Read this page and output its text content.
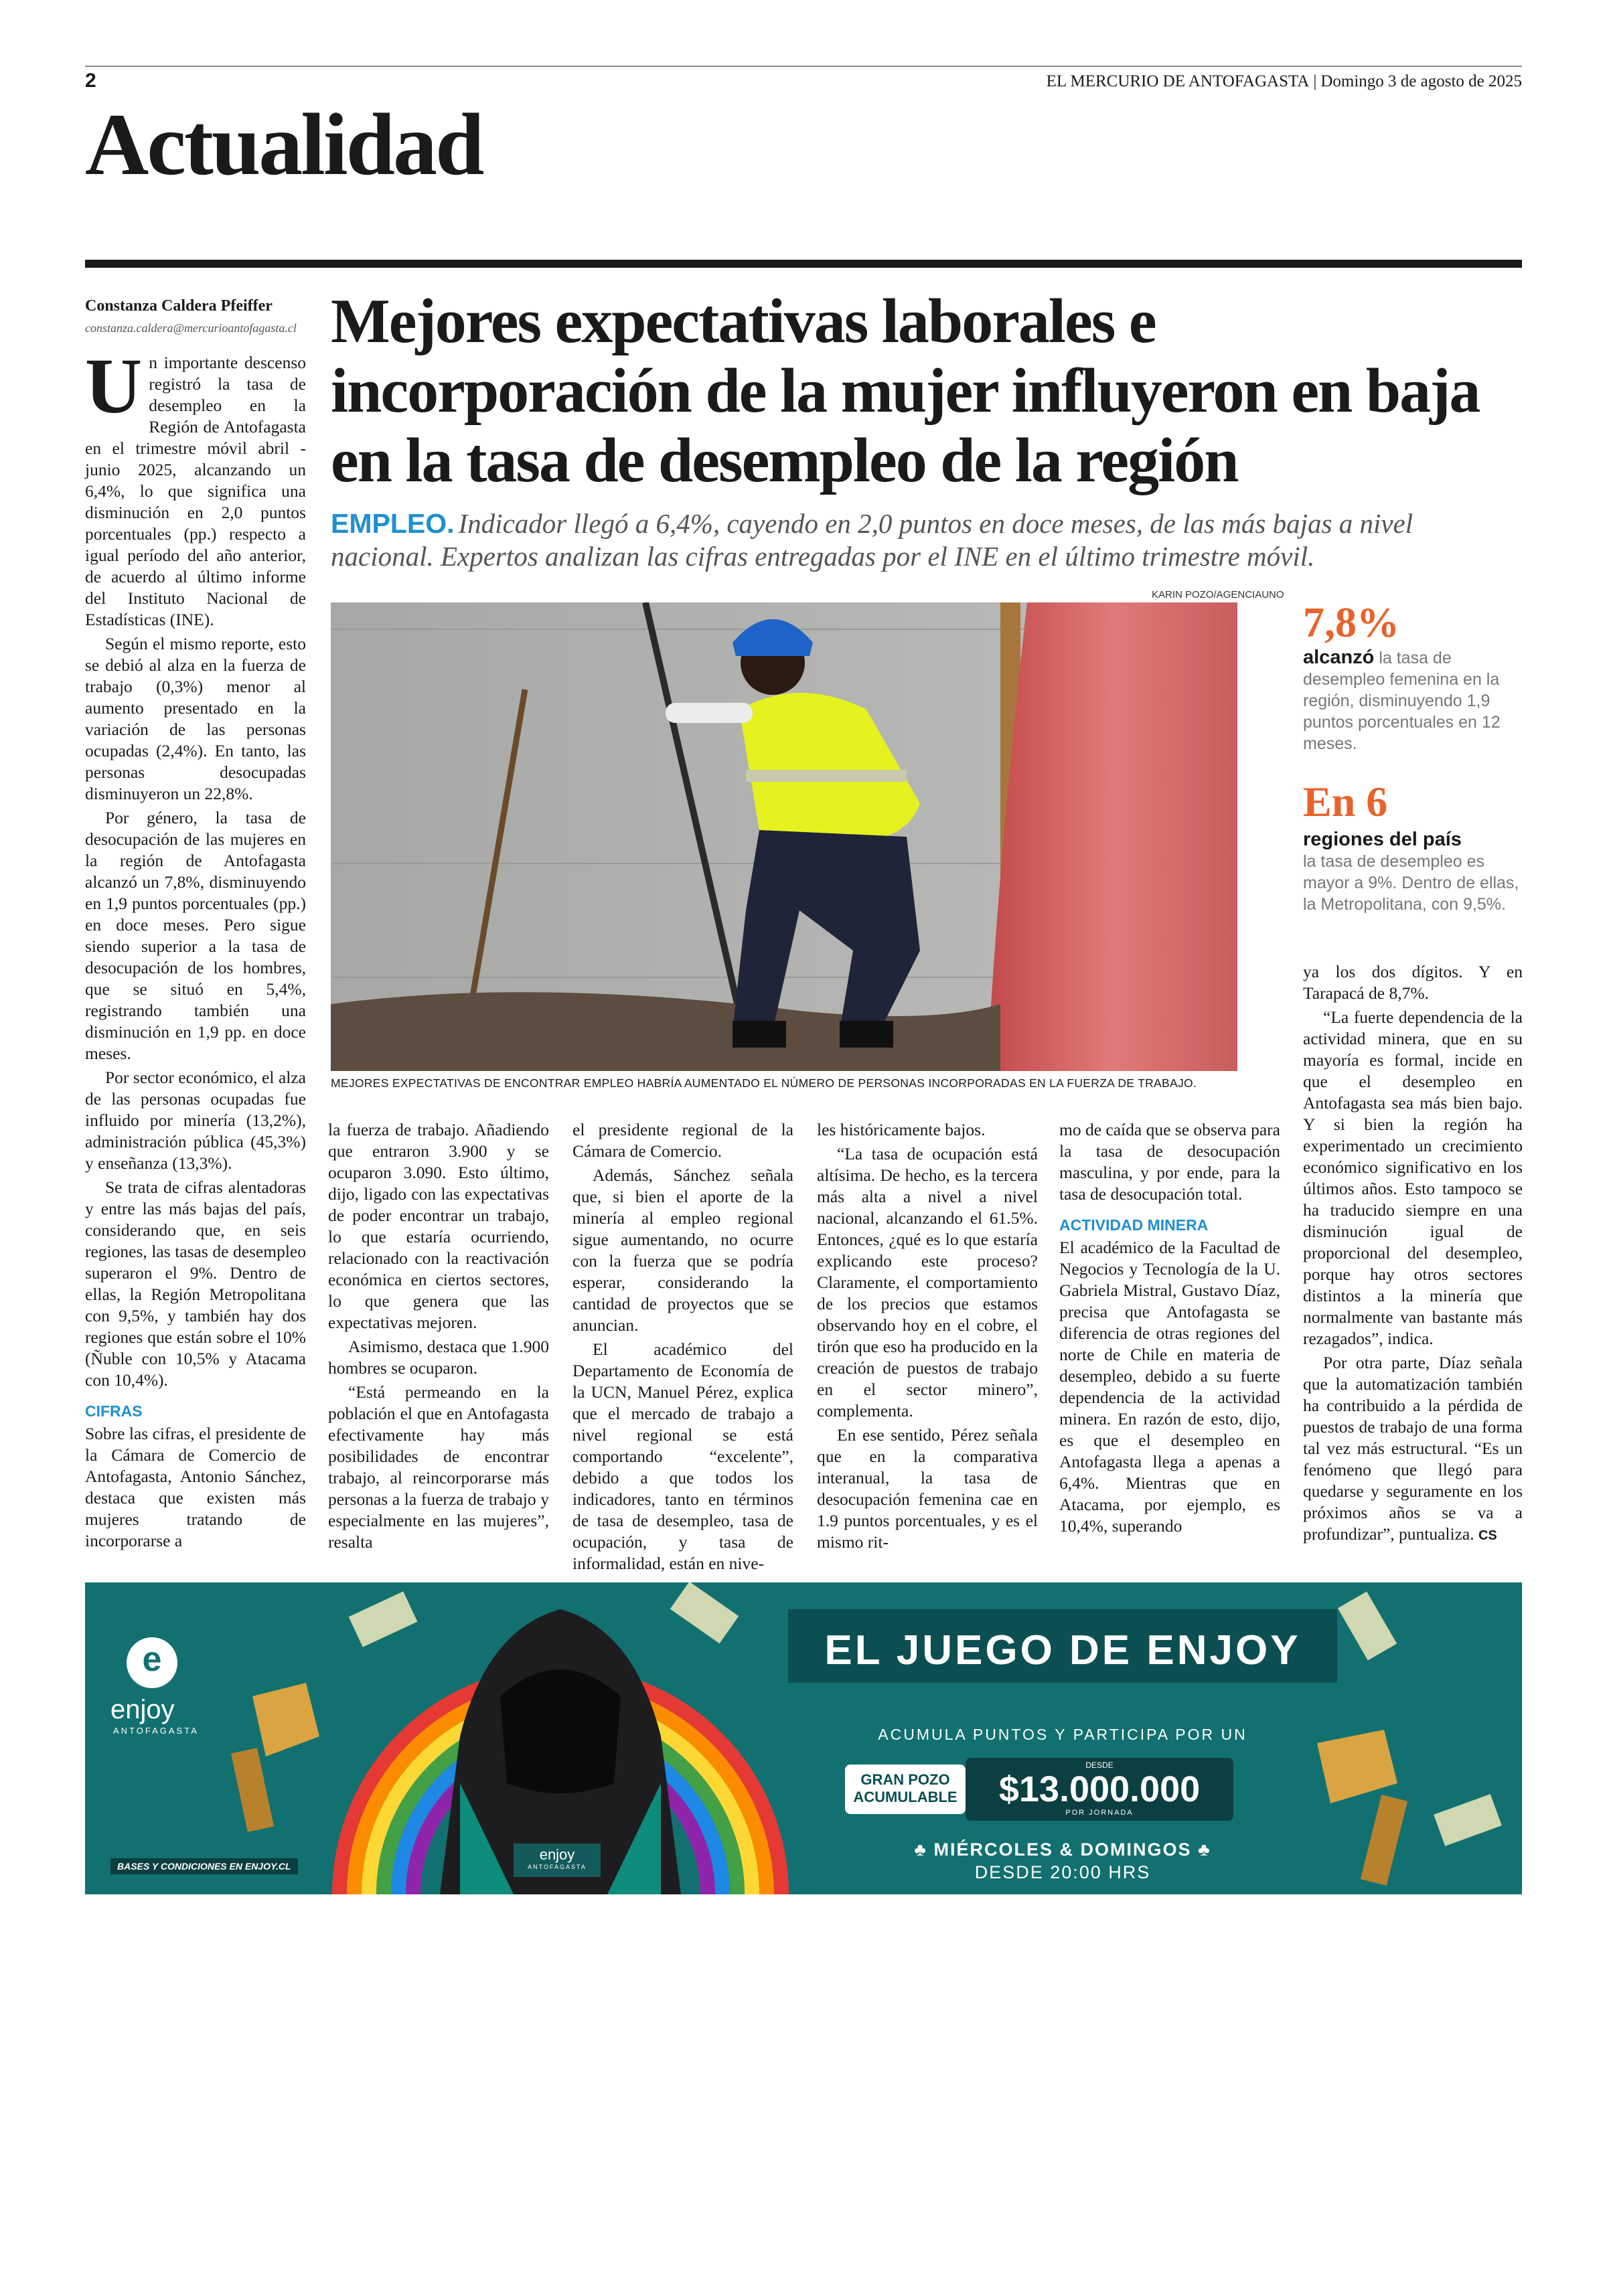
2	EL MERCURIO DE ANTOFAGASTA | Domingo 3 de agosto de 2025
Actualidad
Constanza Caldera Pfeiffer
constanza.caldera@mercurioantofagasta.cl Mejores expectativas laborales e incorporación de la mujer influyeron en baja en la tasa de desempleo de la región
EMPLEO. Indicador llegó a 6,4%, cayendo en 2,0 puntos en doce meses, de las más bajas a nivel nacional. Expertos analizan las cifras entregadas por el INE en el último trimestre móvil.

Un importante descenso registró la tasa de desempleo en la Región de Antofagasta en el trimestre móvil abril - junio 2025, alcanzando un 6,4%, lo que significa una disminución en 2,0 puntos porcentuales (pp.) respecto a igual período del año anterior, de acuerdo al último informe del Instituto Nacional de Estadísticas (INE).

Según el mismo reporte, esto se debió al alza en la fuerza de trabajo (0,3%) menor al aumento presentado en la variación de las personas ocupadas (2,4%). En tanto, las personas desocupadas disminuyeron un 22,8%.

Por género, la tasa de desocupación de las mujeres en la región de Antofagasta alcanzó un 7,8%, disminuyendo en 1,9 puntos porcentuales (pp.) en doce meses. Pero sigue siendo superior a la tasa de desocupación de los hombres, que se situó en 5,4%, registrando también una disminución en 1,9 pp. en doce meses.

Por sector económico, el alza de las personas ocupadas fue influido por minería (13,2%), administración pública (45,3%) y enseñanza (13,3%).

Se trata de cifras alentadoras y entre las más bajas del país, considerando que, en seis regiones, las tasas de desempleo superaron el 9%. Dentro de ellas, la Región Metropolitana con 9,5%, y también hay dos regiones que están sobre el 10% (Ñuble con 10,5% y Atacama con 10,4%).

CIFRAS

Sobre las cifras, el presidente de la Cámara de Comercio de Antofagasta, Antonio Sánchez, destaca que existen más mujeres tratando de incorporarse a

KARIN POZO/AGENCIAUNO
MEJORES EXPECTATIVAS DE ENCONTRAR EMPLEO HABRÍA AUMENTADO EL NÚMERO DE PERSONAS INCORPORADAS EN LA FUERZA DE TRABAJO.
7,8%
alcanzó la tasa de desempleo femenina en la región, disminuyendo 1,9 puntos porcentuales en 12 meses.
En 6
regiones del país
la tasa de desempleo es mayor a 9%. Dentro de ellas, la Metropolitana, con 9,5%.

la fuerza de trabajo. Añadiendo que entraron 3.900 y se ocuparon 3.090. Esto último, dijo, ligado con las expectativas de poder encontrar un trabajo, lo que estaría ocurriendo, relacionado con la reactivación económica en ciertos sectores, lo que genera que las expectativas mejoren.

Asimismo, destaca que 1.900 hombres se ocuparon.

“Está permeando en la población el que en Antofagasta efectivamente hay más posibilidades de encontrar trabajo, al reincorporarse más personas a la fuerza de trabajo y especialmente en las mujeres”, resalta

el presidente regional de la Cámara de Comercio.

Además, Sánchez señala que, si bien el aporte de la minería al empleo regional sigue aumentando, no ocurre con la fuerza que se podría esperar, considerando la cantidad de proyectos que se anuncian.

El académico del Departamento de Economía de la UCN, Manuel Pérez, explica que el mercado de trabajo a nivel regional se está comportando “excelente”, debido a que todos los indicadores, tanto en términos de tasa de desempleo, tasa de ocupación, y tasa de informalidad, están en nive-

les históricamente bajos.

“La tasa de ocupación está altísima. De hecho, es la tercera más alta a nivel a nivel nacional, alcanzando el 61.5%. Entonces, ¿qué es lo que estaría explicando este proceso? Claramente, el comportamiento de los precios que estamos observando hoy en el cobre, el tirón que eso ha producido en la creación de puestos de trabajo en el sector minero”, complementa.

En ese sentido, Pérez señala que en la comparativa interanual, la tasa de desocupación femenina cae en 1.9 puntos porcentuales, y es el mismo rit-

mo de caída que se observa para la tasa de desocupación masculina, y por ende, para la tasa de desocupación total.

ACTIVIDAD MINERA

El académico de la Facultad de Negocios y Tecnología de la U. Gabriela Mistral, Gustavo Díaz, precisa que Antofagasta se diferencia de otras regiones del norte de Chile en materia de desempleo, debido a su fuerte dependencia de la actividad minera. En razón de esto, dijo, es que el desempleo en Antofagasta llega a apenas a 6,4%. Mientras que en Atacama, por ejemplo, es 10,4%, superando

ya los dos dígitos. Y en Tarapacá de 8,7%.

“La fuerte dependencia de la actividad minera, que en su mayoría es formal, incide en que el desempleo en Antofagasta sea más bien bajo. Y si bien la región ha experimentado un crecimiento económico significativo en los últimos años. Esto tampoco se ha traducido siempre en una disminución igual de proporcional del desempleo, porque hay otros sectores distintos a la minería que normalmente van bastante más rezagados”, indica.

Por otra parte, Díaz señala que la automatización también ha contribuido a la pérdida de puestos de trabajo de una forma tal vez más estructural. “Es un fenómeno que llegó para quedarse y seguramente en los próximos años se va a profundizar”, puntualiza. CS

e
enjoy
ANTOFAGASTA
enjoy
ANTOFAGASTA
EL JUEGO DE ENJOY
ACUMULA PUNTOS Y PARTICIPA POR UN
GRAN POZO ACUMULABLE
DESDE
$13.000.000
POR JORNADA
♣ MIÉRCOLES & DOMINGOS ♣
DESDE 20:00 HRS
BASES Y CONDICIONES EN ENJOY.CL
